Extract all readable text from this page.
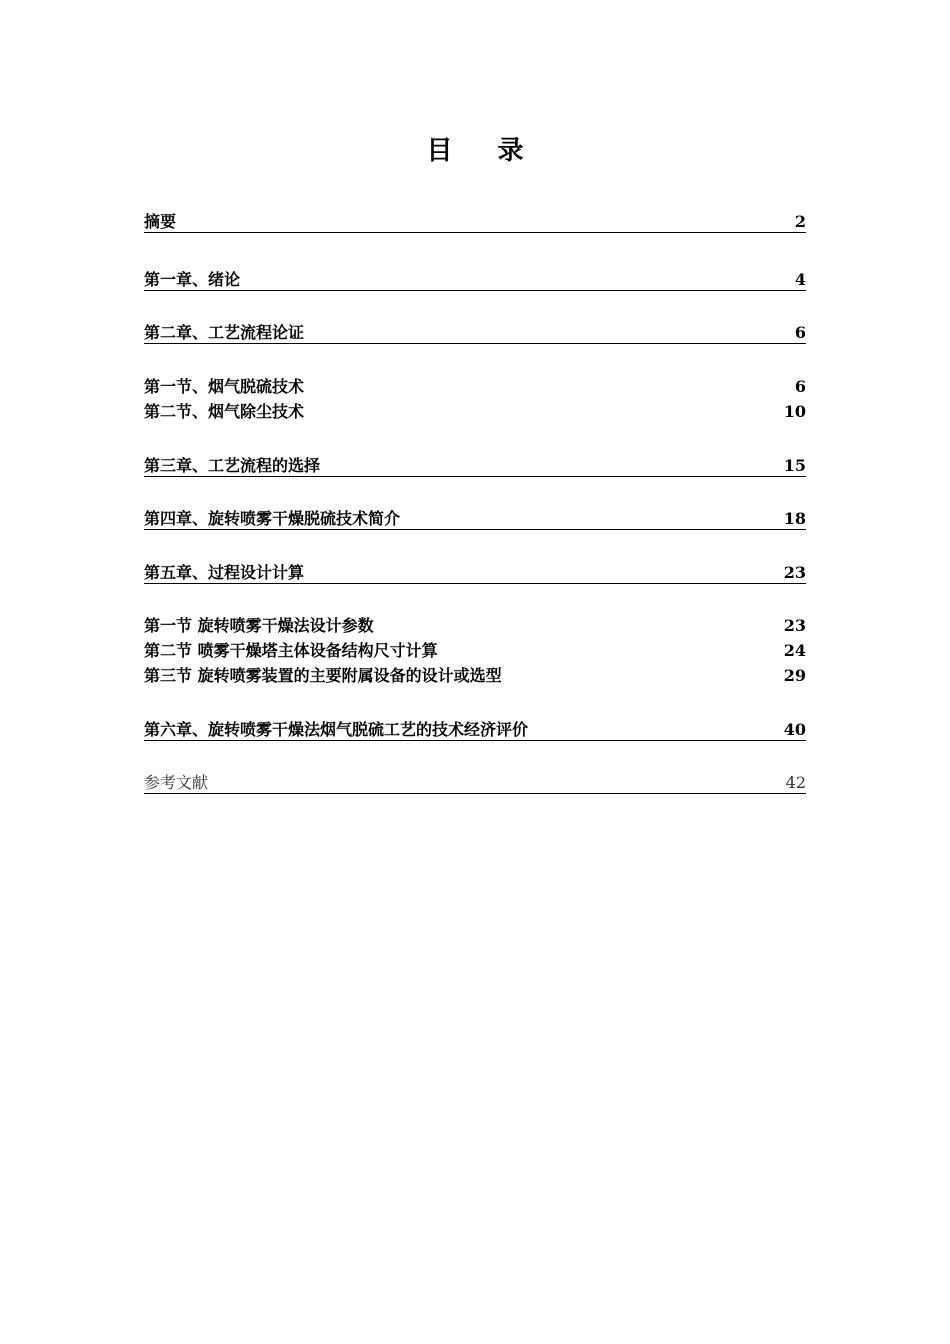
目 录
摘要	2
第一章、绪论	4
第二章、工艺流程论证	6
第一节、烟气脱硫技术	6
第二节、烟气除尘技术	10
第三章、工艺流程的选择	15
第四章、旋转喷雾干燥脱硫技术简介	18
第五章、过程设计计算	23
第一节 旋转喷雾干燥法设计参数	23
第二节 喷雾干燥塔主体设备结构尺寸计算	24
第三节 旋转喷雾装置的主要附属设备的设计或选型	29
第六章、旋转喷雾干燥法烟气脱硫工艺的技术经济评价	40
参考文献	42
